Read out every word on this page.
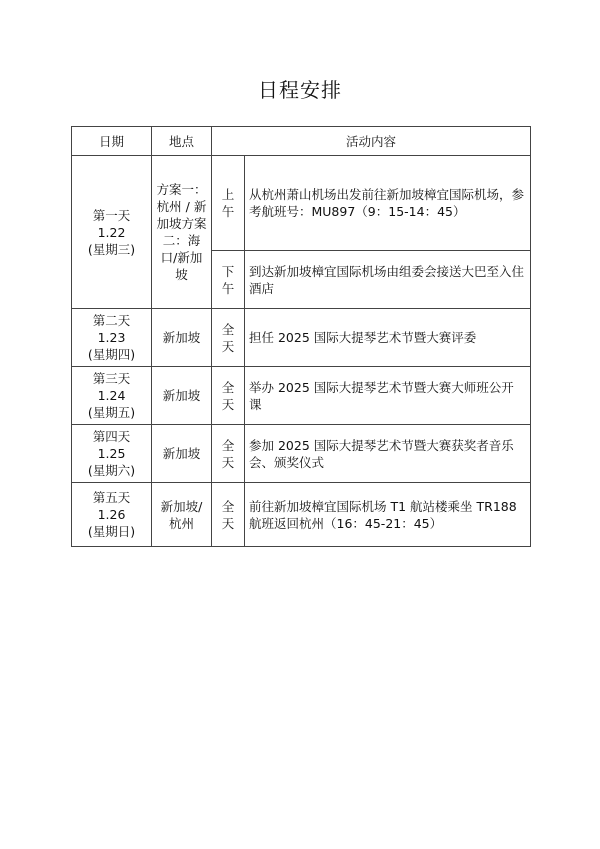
日程安排
日期	地点	活动内容	

第一天
1.22
(星期三)	方案一：杭州 / 新加坡方案二：海口/新加坡	上午	从杭州萧山机场出发前往新加坡樟宜国际机场，参考航班号：MU897（9：15-14：45）
		下午	到达新加坡樟宜国际机场由组委会接送大巴至入住酒店

第二天
1.23
(星期四)	新加坡	全天	担任 2025 国际大提琴艺术节暨大赛评委

第三天
1.24
(星期五)	新加坡	全天	举办 2025 国际大提琴艺术节暨大赛大师班公开课

第四天
1.25
(星期六)	新加坡	全天	参加 2025 国际大提琴艺术节暨大赛获奖者音乐会、颁奖仪式

第五天
1.26
(星期日)	新加坡/杭州	全天	前往新加坡樟宜国际机场 T1 航站楼乘坐 TR188 航班返回杭州（16：45-21：45）
